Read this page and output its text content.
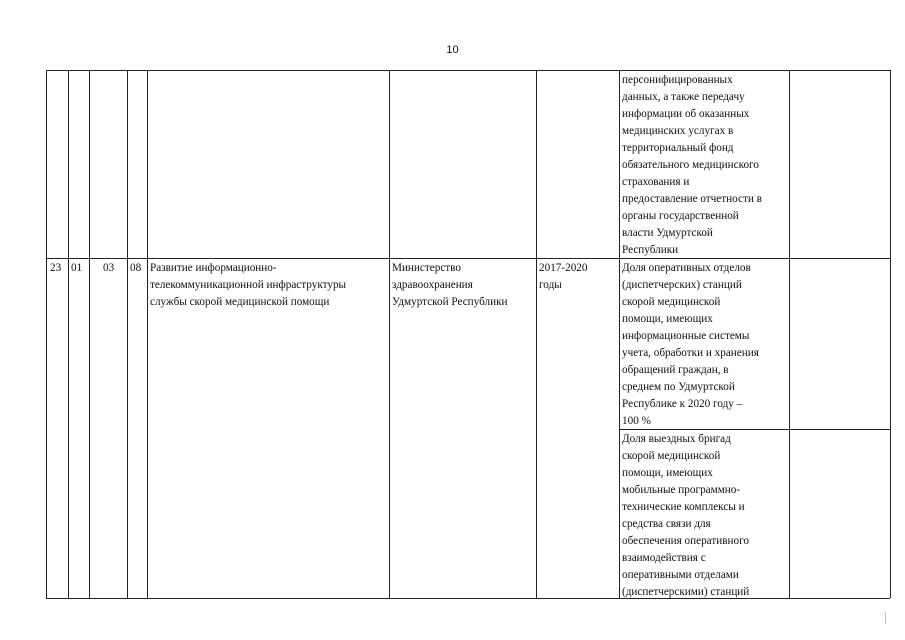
10
персонифицированных
данных, а также передачу
информации об оказанных
медицинских услугах в
территориальный фонд
обязательного медицинского
страхования и
предоставление отчетности в
органы государственной
власти Удмуртской
Республики
23 01 03 08 Развитие информационно-
телекоммуникационной инфраструктуры
службы скорой медицинской помощи
Министерство
здравоохранения
Удмуртской Республики
2017-2020
годы
Доля оперативных отделов
(диспетчерских) станций
скорой медицинской
помощи, имеющих
информационные системы
учета, обработки и хранения
обращений граждан, в
среднем по Удмуртской
Республике к 2020 году –
100 %
Доля выездных бригад
скорой медицинской
помощи, имеющих
мобильные программно-
технические комплексы и
средства связи для
обеспечения оперативного
взаимодействия с
оперативными отделами
(диспетчерскими) станций
